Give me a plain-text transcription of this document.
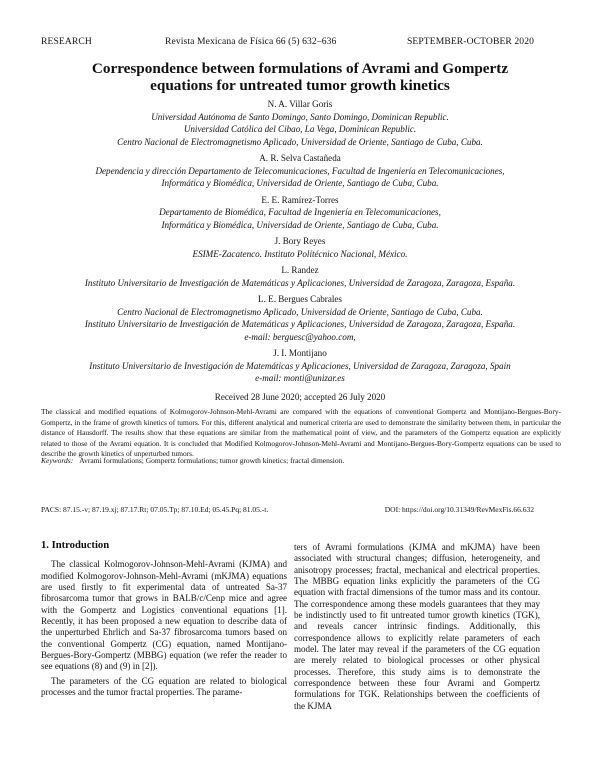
RESEARCH	Revista Mexicana de Física 66 (5) 632–636	SEPTEMBER-OCTOBER 2020
Correspondence between formulations of Avrami and Gompertz
equations for untreated tumor growth kinetics
N. A. Villar Goris
Universidad Autónoma de Santo Domingo, Santo Domingo, Dominican Republic.
Universidad Católica del Cibao, La Vega, Dominican Republic.
Centro Nacional de Electromagnetismo Aplicado, Universidad de Oriente, Santiago de Cuba, Cuba.
A. R. Selva Castañeda
Dependencia y dirección Departamento de Telecomunicaciones, Facultad de Ingeniería en Telecomunicaciones,
Informática y Biomédica, Universidad de Oriente, Santiago de Cuba, Cuba.
E. E. Ramírez-Torres
Departamento de Biomédica, Facultad de Ingeniería en Telecomunicaciones,
Informática y Biomédica, Universidad de Oriente, Santiago de Cuba, Cuba.
J. Bory Reyes
ESIME-Zacatenco. Instituto Politécnico Nacional, México.
L. Randez
Instituto Universitario de Investigación de Matemáticas y Aplicaciones, Universidad de Zaragoza, Zaragoza, España.
L. E. Bergues Cabrales
Centro Nacional de Electromagnetismo Aplicado, Universidad de Oriente, Santiago de Cuba, Cuba.
Instituto Universitario de Investigación de Matemáticas y Aplicaciones, Universidad de Zaragoza, Zaragoza, España.
e-mail: berguesc@yahoo.com,
J. I. Montijano
Instituto Universitario de Investigación de Matemáticas y Aplicaciones, Universidad de Zaragoza, Zaragoza, Spain
e-mail: monti@unizar.es
Received 28 June 2020; accepted 26 July 2020
The classical and modified equations of Kolmogorov-Johnson-Mehl-Avrami are compared with the equations of conventional Gompertz and Montijano-Bergues-Bory-Gompertz, in the frame of growth kinetics of tumors. For this, different analytical and numerical criteria are used to demonstrate the similarity between them, in particular the distance of Hausdorff. The results show that these equations are similar from the mathematical point of view, and the parameters of the Gompertz equation are explicitly related to those of the Avrami equation. It is concluded that Modified Kolmogorov-Johnson-Mehl-Avrami and Montijano-Bergues-Bory-Gompertz equations can be used to describe the growth kinetics of unperturbed tumors.
Keywords: Avrami formulations; Gompertz formulations; tumor growth kinetics; fractal dimension.
PACS: 87.15.-v; 87.19.xj; 87.17.Rt; 07.05.Tp; 87.10.Ed; 05.45.Pq; 81.05.-t.	DOI: https://doi.org/10.31349/RevMexFis.66.632
1. Introduction
The classical Kolmogorov-Johnson-Mehl-Avrami (KJMA) and modified Kolmogorov-Johnson-Mehl-Avrami (mKJMA) equations are used firstly to fit experimental data of untreated Sa-37 fibrosarcoma tumor that grows in BALB/c/Cenp mice and agree with the Gompertz and Logistics conventional equations [1]. Recently, it has been proposed a new equation to describe data of the unperturbed Ehrlich and Sa-37 fibrosarcoma tumors based on the conventional Gompertz (CG) equation, named Montijano-Bergues-Bory-Gompertz (MBBG) equation (we refer the reader to see equations (8) and (9) in [2]).
The parameters of the CG equation are related to biological processes and the tumor fractal properties. The parame-
ters of Avrami formulations (KJMA and mKJMA) have been associated with structural changes; diffusion, heterogeneity, and anisotropy processes; fractal, mechanical and electrical properties. The MBBG equation links explicitly the parameters of the CG equation with fractal dimensions of the tumor mass and its contour. The correspondence among these models guarantees that they may be indistinctly used to fit untreated tumor growth kinetics (TGK), and reveals cancer intrinsic findings. Additionally, this correspondence allows to explicitly relate parameters of each model. The later may reveal if the parameters of the CG equation are merely related to biological processes or other physical processes. Therefore, this study aims is to demonstrate the correspondence between these four Avrami and Gompertz formulations for TGK. Relationships between the coefficients of the KJMA
